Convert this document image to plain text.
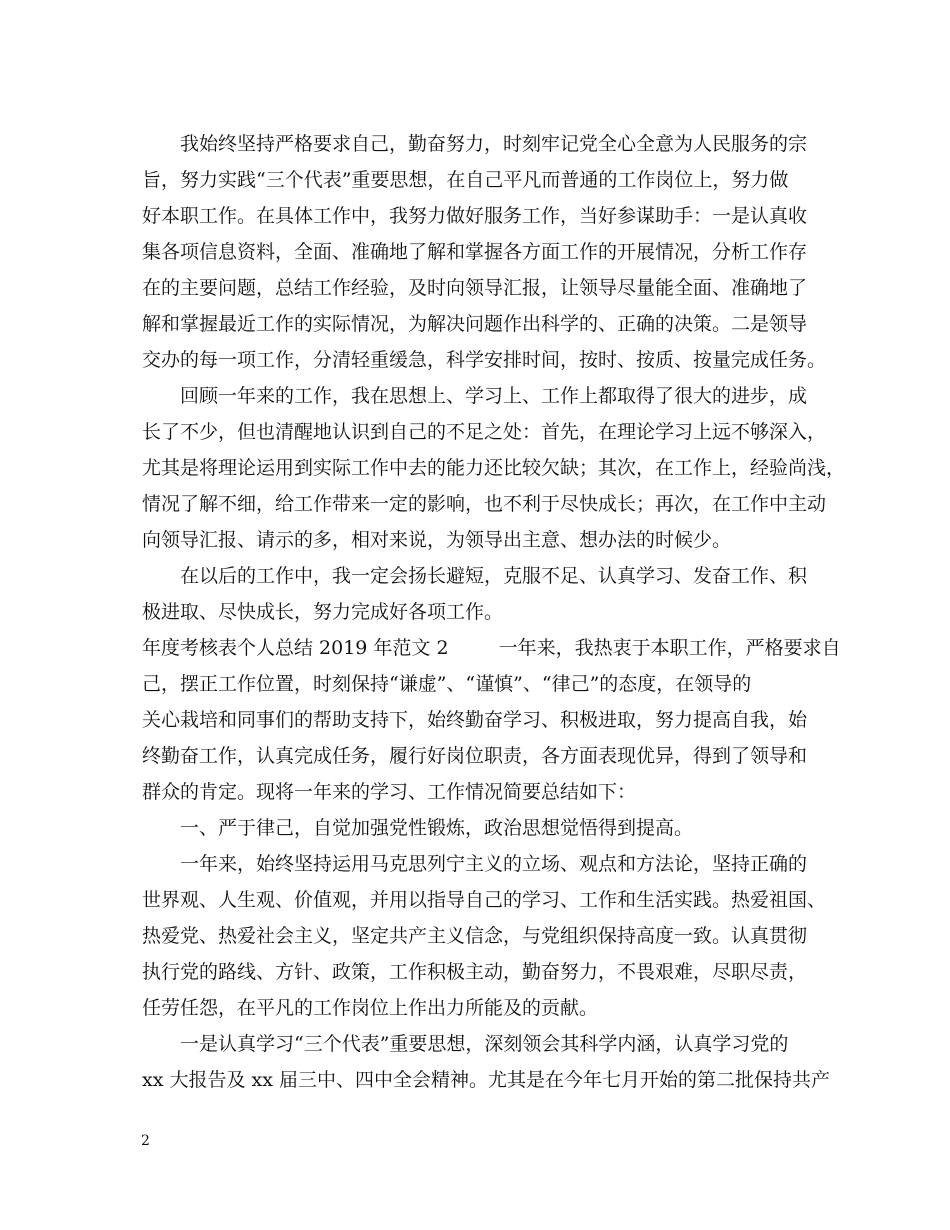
我始终坚持严格要求自己，勤奋努力，时刻牢记党全心全意为人民服务的宗
旨，努力实践“三个代表”重要思想，在自己平凡而普通的工作岗位上，努力做
好本职工作。在具体工作中，我努力做好服务工作，当好参谋助手：一是认真收
集各项信息资料，全面、准确地了解和掌握各方面工作的开展情况，分析工作存
在的主要问题，总结工作经验，及时向领导汇报，让领导尽量能全面、准确地了
解和掌握最近工作的实际情况，为解决问题作出科学的、正确的决策。二是领导
交办的每一项工作，分清轻重缓急，科学安排时间，按时、按质、按量完成任务。
回顾一年来的工作，我在思想上、学习上、工作上都取得了很大的进步，成
长了不少，但也清醒地认识到自己的不足之处：首先，在理论学习上远不够深入，
尤其是将理论运用到实际工作中去的能力还比较欠缺；其次，在工作上，经验尚浅，
情况了解不细，给工作带来一定的影响，也不利于尽快成长；再次，在工作中主动
向领导汇报、请示的多，相对来说，为领导出主意、想办法的时候少。
在以后的工作中，我一定会扬长避短，克服不足、认真学习、发奋工作、积
极进取、尽快成长，努力完成好各项工作。
年度考核表个人总结 2019 年范文 2	一年来，我热衷于本职工作，严格要求自
己，摆正工作位置，时刻保持“谦虚”、“谨慎”、“律己”的态度，在领导的
关心栽培和同事们的帮助支持下，始终勤奋学习、积极进取，努力提高自我，始
终勤奋工作，认真完成任务，履行好岗位职责，各方面表现优异，得到了领导和
群众的肯定。现将一年来的学习、工作情况简要总结如下：
一、严于律己，自觉加强党性锻炼，政治思想觉悟得到提高。
一年来，始终坚持运用马克思列宁主义的立场、观点和方法论，坚持正确的
世界观、人生观、价值观，并用以指导自己的学习、工作和生活实践。热爱祖国、
热爱党、热爱社会主义，坚定共产主义信念，与党组织保持高度一致。认真贯彻
执行党的路线、方针、政策，工作积极主动，勤奋努力，不畏艰难，尽职尽责，
任劳任怨，在平凡的工作岗位上作出力所能及的贡献。
一是认真学习“三个代表”重要思想，深刻领会其科学内涵，认真学习党的
xx 大报告及 xx 届三中、四中全会精神。尤其是在今年七月开始的第二批保持共产
2
